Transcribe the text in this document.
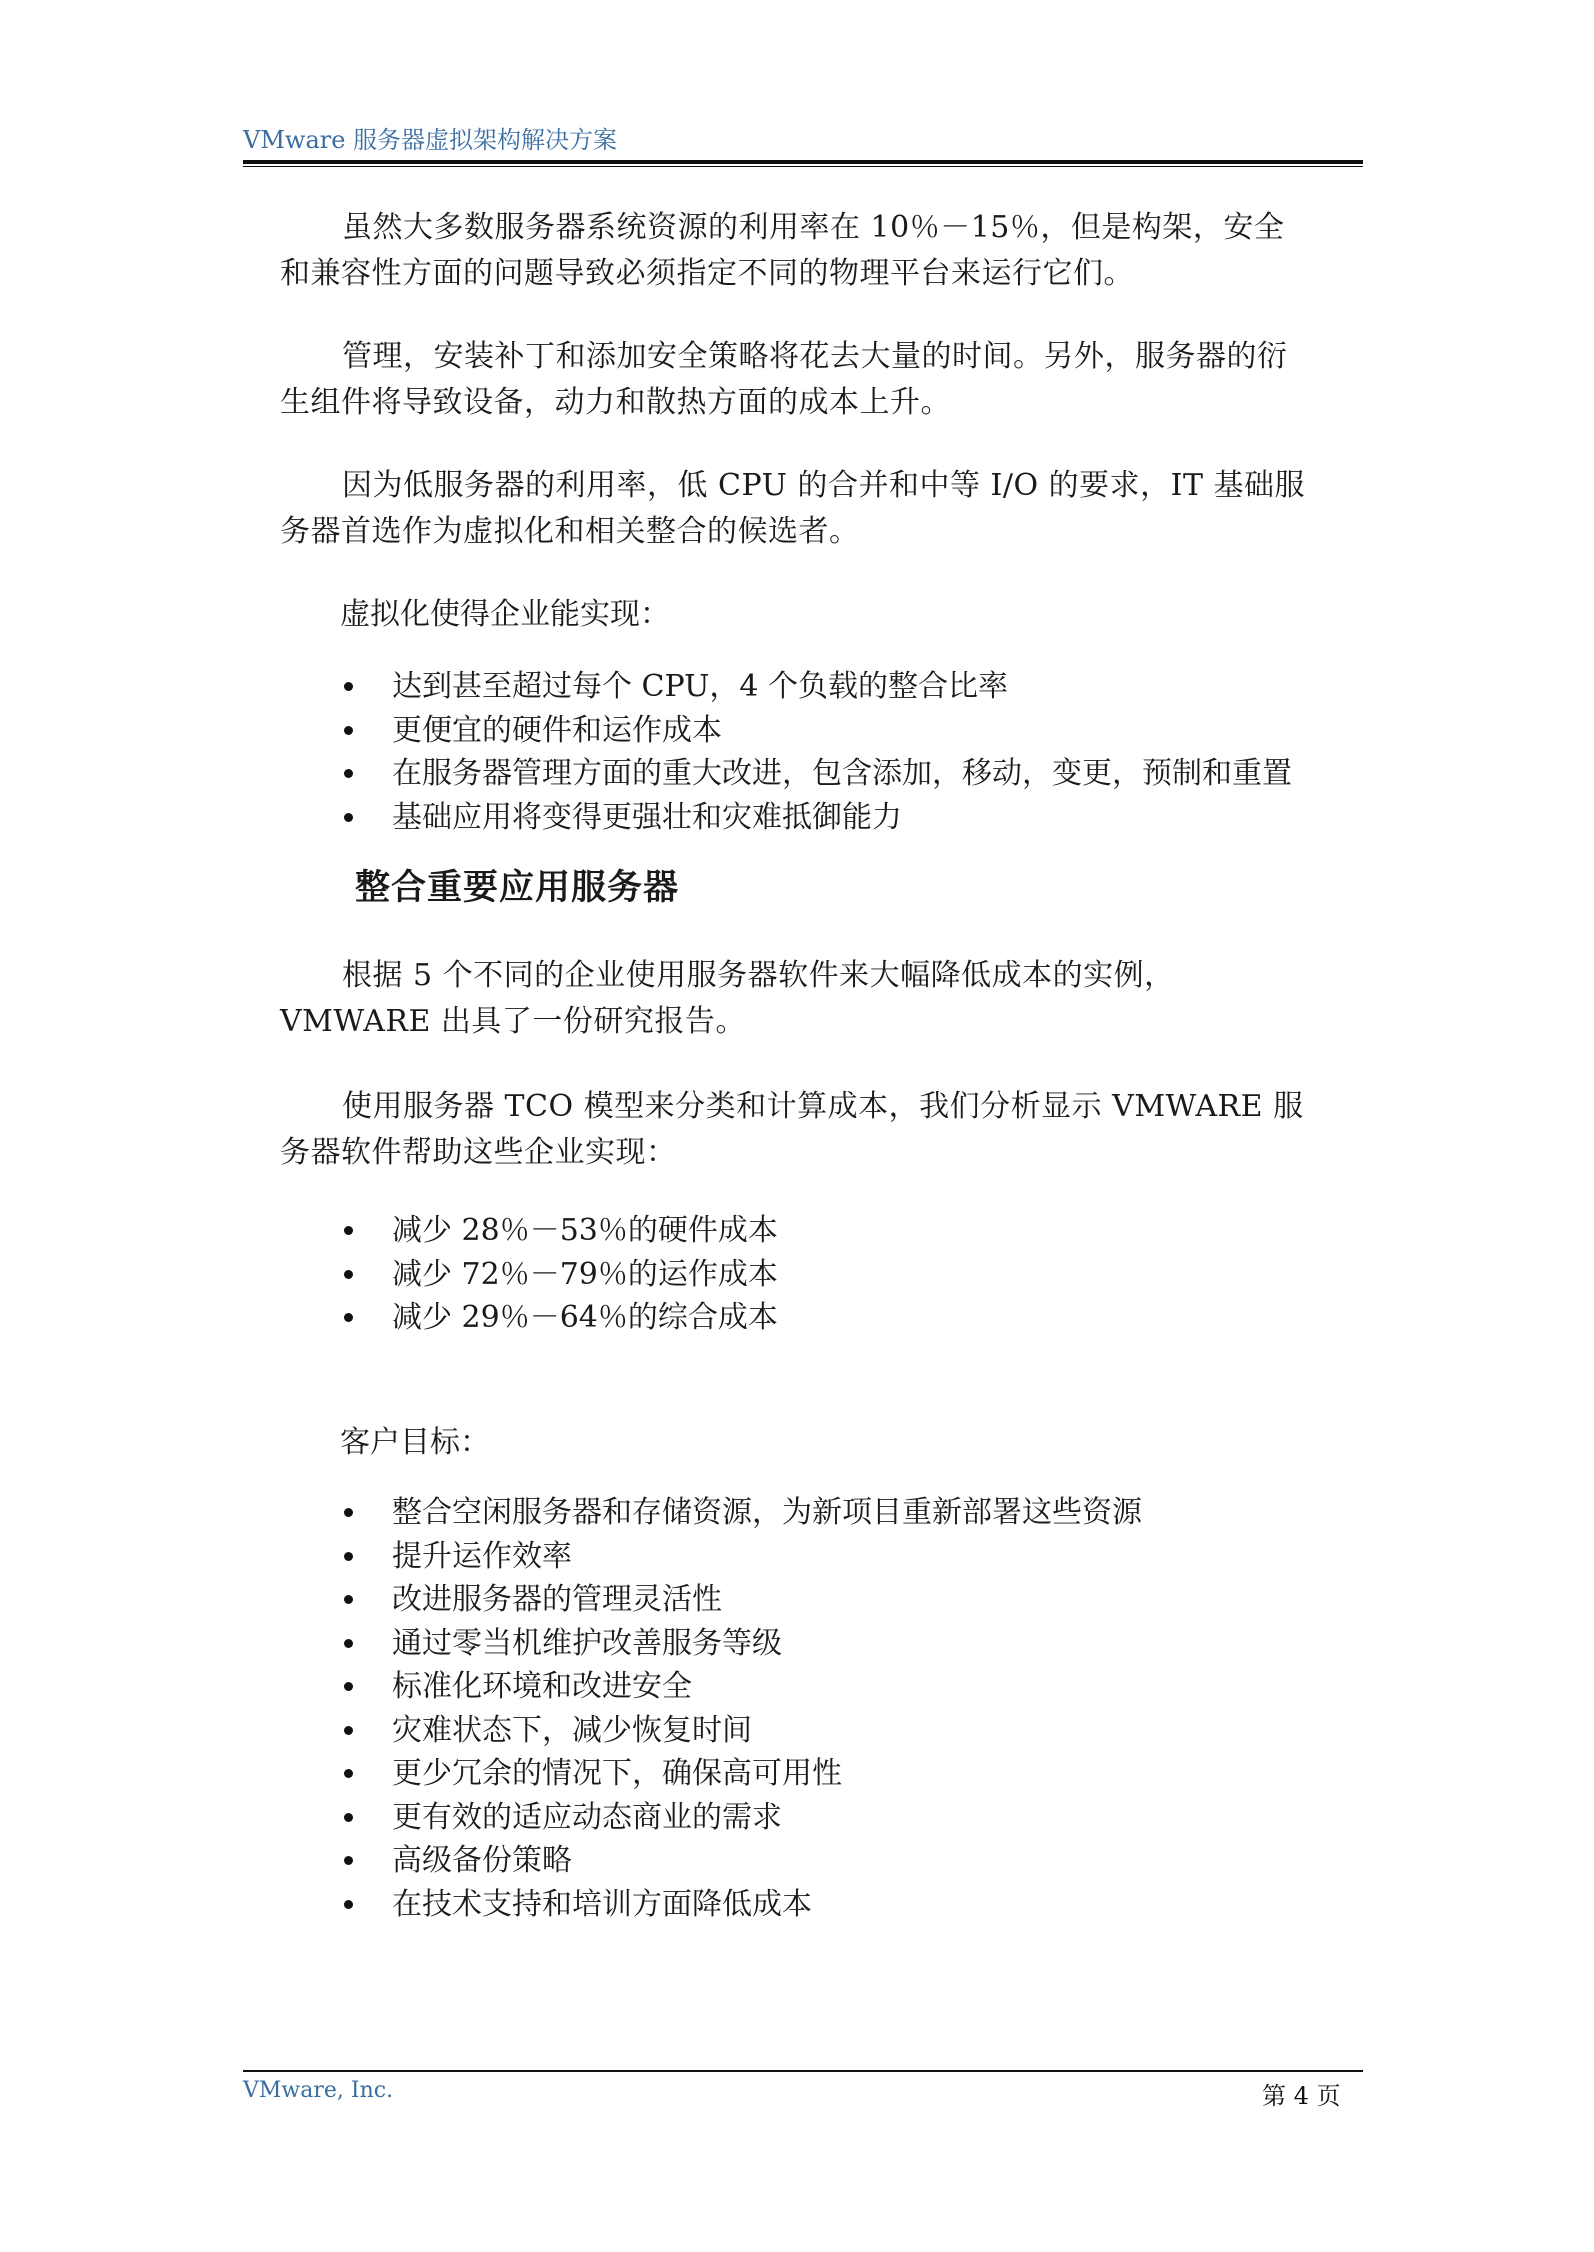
VMware 服务器虚拟架构解决方案
虽然大多数服务器系统资源的利用率在 10％－15％，但是构架，安全
和兼容性方面的问题导致必须指定不同的物理平台来运行它们。
管理，安装补丁和添加安全策略将花去大量的时间。另外，服务器的衍
生组件将导致设备，动力和散热方面的成本上升。
因为低服务器的利用率，低 CPU 的合并和中等 I/O 的要求，IT 基础服
务器首选作为虚拟化和相关整合的候选者。
虚拟化使得企业能实现：
达到甚至超过每个 CPU，4 个负载的整合比率
更便宜的硬件和运作成本
在服务器管理方面的重大改进，包含添加，移动，变更，预制和重置
基础应用将变得更强壮和灾难抵御能力
整合重要应用服务器
根据 5 个不同的企业使用服务器软件来大幅降低成本的实例，
VMWARE 出具了一份研究报告。
使用服务器 TCO 模型来分类和计算成本，我们分析显示 VMWARE 服
务器软件帮助这些企业实现：
减少 28％－53％的硬件成本
减少 72％－79％的运作成本
减少 29％－64％的综合成本
客户目标：
整合空闲服务器和存储资源，为新项目重新部署这些资源
提升运作效率
改进服务器的管理灵活性
通过零当机维护改善服务等级
标准化环境和改进安全
灾难状态下，减少恢复时间
更少冗余的情况下，确保高可用性
更有效的适应动态商业的需求
高级备份策略
在技术支持和培训方面降低成本
VMware, Inc.	第 4 页
